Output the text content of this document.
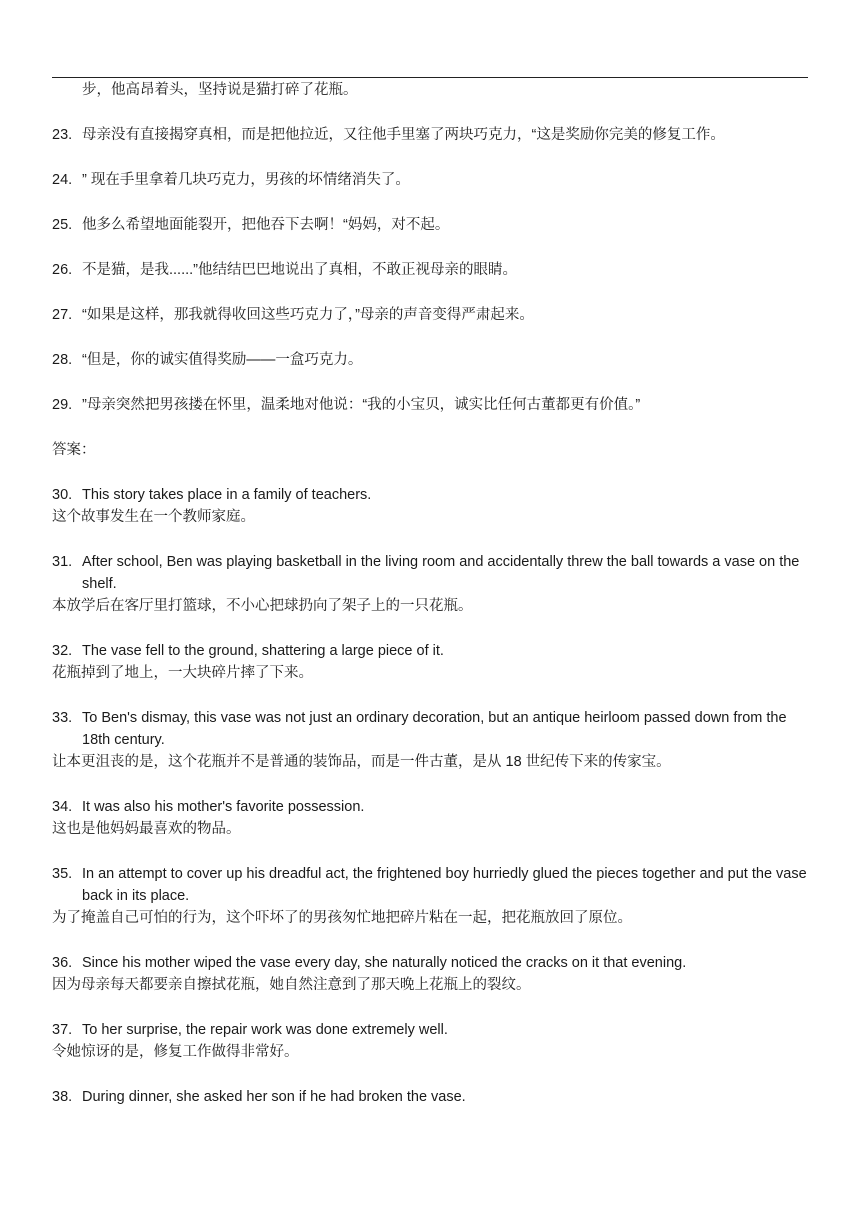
步，他高昂着头，坚持说是猫打碎了花瓶。

23. 母亲没有直接揭穿真相，而是把他拉近，又往他手里塞了两块巧克力，“这是奖励你完美的修复工作。
24. ” 现在手里拿着几块巧克力，男孩的坏情绪消失了。
25. 他多么希望地面能裂开，把他吞下去啊！“妈妈，对不起。
26. 不是猫，是我......”他结结巴巴地说出了真相，不敢正视母亲的眼睛。
27. “如果是这样，那我就得收回这些巧克力了，”母亲的声音变得严肃起来。
28. “但是，你的诚实值得奖励——一盒巧克力。
29. ”母亲突然把男孩搂在怀里，温柔地对他说：“我的小宝贝，诚实比任何古董都更有价值。”

答案：

30. This story takes place in a family of teachers.

这个故事发生在一个教师家庭。

31. After school, Ben was playing basketball in the living room and accidentally threw the ball towards a vase on the shelf.

本放学后在客厅里打篮球，不小心把球扔向了架子上的一只花瓶。

32. The vase fell to the ground, shattering a large piece of it.

花瓶掉到了地上，一大块碎片摔了下来。

33. To Ben's dismay, this vase was not just an ordinary decoration, but an antique heirloom passed down from the 18th century.

让本更沮丧的是，这个花瓶并不是普通的装饰品，而是一件古董，是从 18 世纪传下来的传家宝。

34. It was also his mother's favorite possession.

这也是他妈妈最喜欢的物品。

35. In an attempt to cover up his dreadful act, the frightened boy hurriedly glued the pieces together and put the vase back in its place.

为了掩盖自己可怕的行为，这个吓坏了的男孩匆忙地把碎片粘在一起，把花瓶放回了原位。

36. Since his mother wiped the vase every day, she naturally noticed the cracks on it that evening.

因为母亲每天都要亲自擦拭花瓶，她自然注意到了那天晚上花瓶上的裂纹。

37. To her surprise, the repair work was done extremely well.

令她惊讶的是，修复工作做得非常好。

38. During dinner, she asked her son if he had broken the vase.
